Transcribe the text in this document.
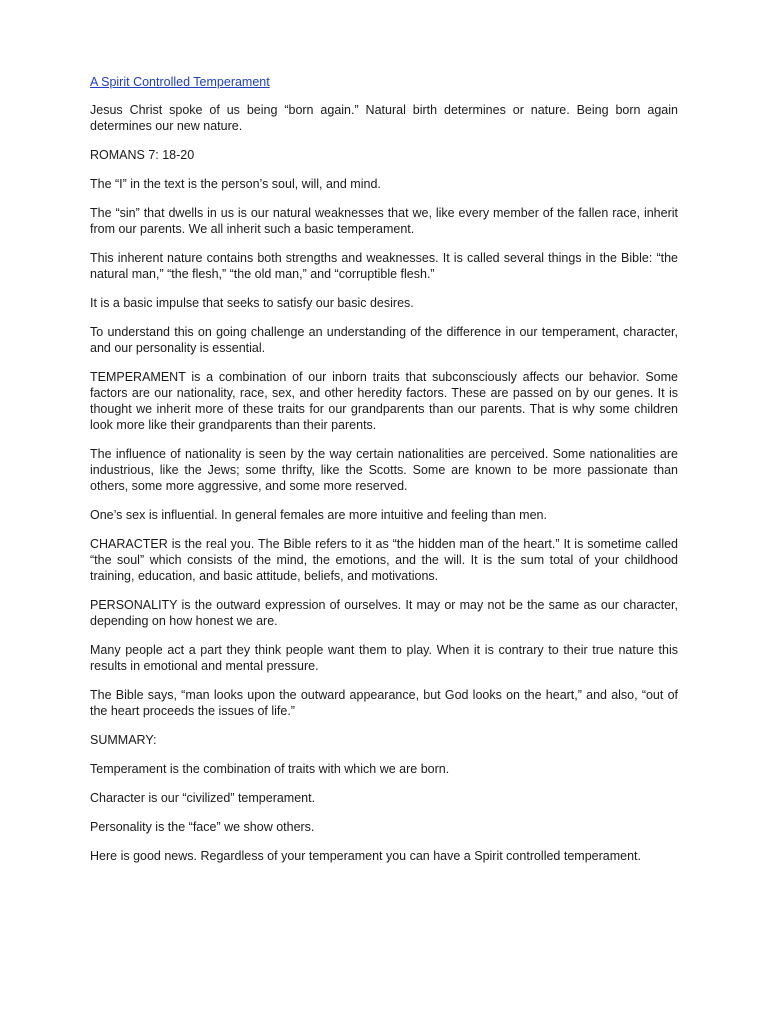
A Spirit Controlled Temperament

Jesus Christ spoke of us being “born again.” Natural birth determines or nature. Being born again determines our new nature.

ROMANS 7: 18-20

The “I” in the text is the person’s soul, will, and mind.

The “sin” that dwells in us is our natural weaknesses that we, like every member of the fallen race, inherit from our parents. We all inherit such a basic temperament.

This inherent nature contains both strengths and weaknesses. It is called several things in the Bible: “the natural man,” “the flesh,” “the old man,” and “corruptible flesh.”

It is a basic impulse that seeks to satisfy our basic desires.

To understand this on going challenge an understanding of the difference in our temperament, character, and our personality is essential.

TEMPERAMENT is a combination of our inborn traits that subconsciously affects our behavior. Some factors are our nationality, race, sex, and other heredity factors. These are passed on by our genes. It is thought we inherit more of these traits for our grandparents than our parents. That is why some children look more like their grandparents than their parents.

The influence of nationality is seen by the way certain nationalities are perceived. Some nationalities are industrious, like the Jews; some thrifty, like the Scotts. Some are known to be more passionate than others, some more aggressive, and some more reserved.

One’s sex is influential. In general females are more intuitive and feeling than men.

CHARACTER is the real you. The Bible refers to it as “the hidden man of the heart.” It is sometime called “the soul” which consists of the mind, the emotions, and the will. It is the sum total of your childhood training, education, and basic attitude, beliefs, and motivations.

PERSONALITY is the outward expression of ourselves. It may or may not be the same as our character, depending on how honest we are.

Many people act a part they think people want them to play. When it is contrary to their true nature this results in emotional and mental pressure.

The Bible says, “man looks upon the outward appearance, but God looks on the heart,” and also, “out of the heart proceeds the issues of life.”

SUMMARY:

Temperament is the combination of traits with which we are born.

Character is our “civilized” temperament.

Personality is the “face” we show others.

Here is good news. Regardless of your temperament you can have a Spirit controlled temperament.
